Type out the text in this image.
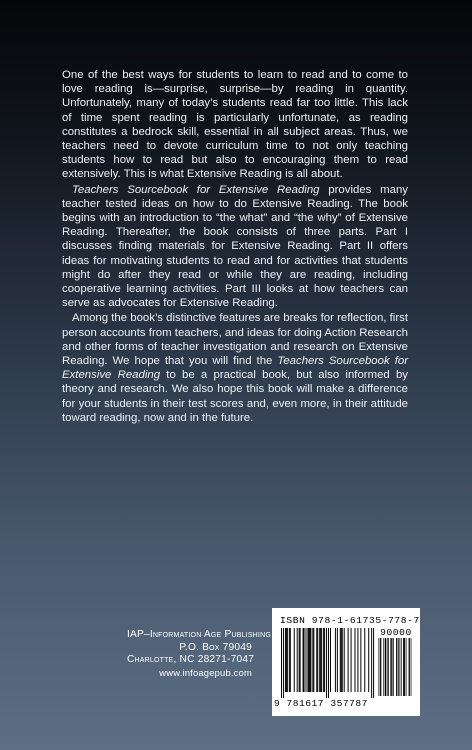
One of the best ways for students to learn to read and to come to love reading is—surprise, surprise—by reading in quantity. Unfortunately, many of today’s students read far too little. This lack of time spent reading is particularly unfortunate, as reading constitutes a bedrock skill, essential in all subject areas. Thus, we teachers need to devote curriculum time to not only teaching students how to read but also to encouraging them to read extensively. This is what Extensive Reading is all about.

Teachers Sourcebook for Extensive Reading provides many teacher tested ideas on how to do Extensive Reading. The book begins with an introduction to “the what” and “the why” of Extensive Reading. Thereafter, the book consists of three parts. Part I discusses finding materials for Extensive Reading. Part II offers ideas for motivating students to read and for activities that students might do after they read or while they are reading, including cooperative learning activities. Part III looks at how teachers can serve as advocates for Extensive Reading.

Among the book’s distinctive features are breaks for reflection, first person accounts from teachers, and ideas for doing Action Research and other forms of teacher investigation and research on Extensive Reading. We hope that you will find the Teachers Sourcebook for Extensive Reading to be a practical book, but also informed by theory and research. We also hope this book will make a difference for your students in their test scores and, even more, in their attitude toward reading, now and in the future.

IAP–Information Age Publishing
P.O. Box 79049
Charlotte, NC 28271-7047
www.infoagepub.com
ISBN 978-1-61735-778-7
90000
9 781617 357787
